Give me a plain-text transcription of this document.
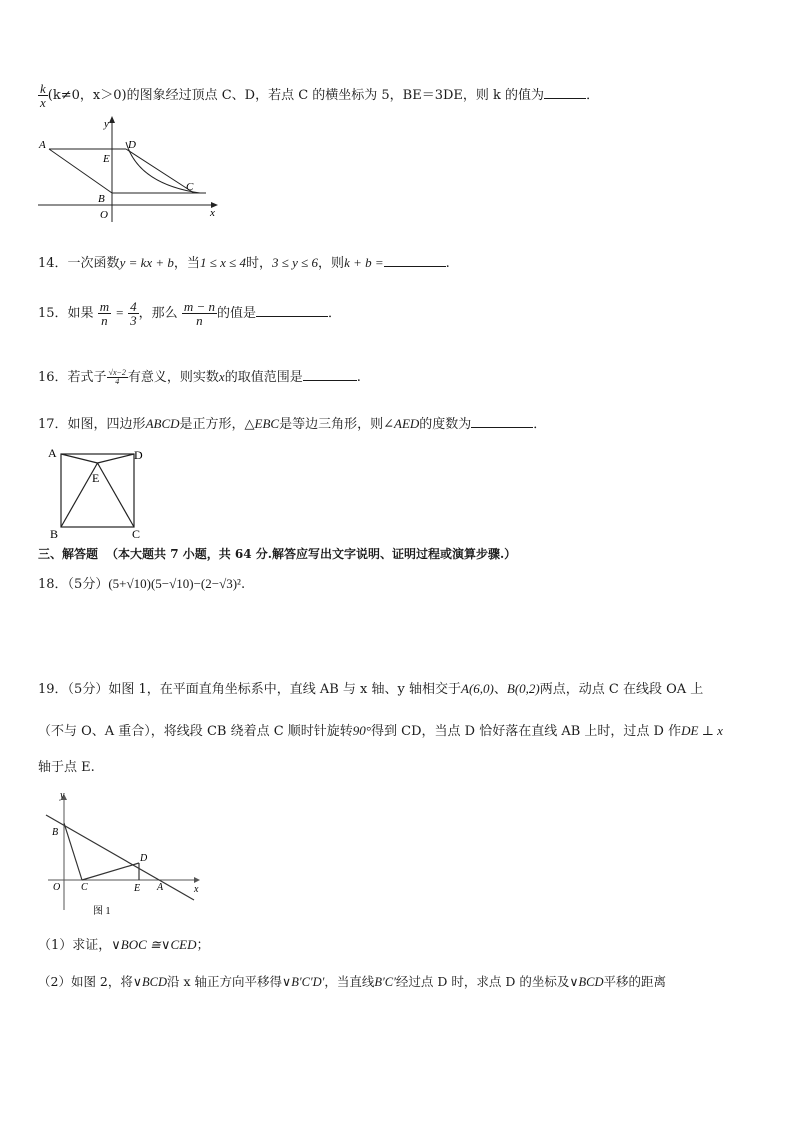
$\frac{k}{x} (k\ne 0$，x＞0)的图象经过顶点 C、D，若点 C 的横坐标为 5，BE＝3DE，则 k 的值为	．
y
x
A	D
E
C
B
O
14．一次函数y = kx + b，当1 ≤ x ≤ 4时，3 ≤ y ≤ 6，则k + b =	.
15．如果 $\frac{m}{n} = \frac{4}{3}$ ，那么 $\frac{m - n}{n}$ 的值是	．
16．若式子 $\frac{√x-2}{4}$ 有意义，则实数x的取值范围是	.
17．如图，四边形ABCD是正方形，△EBC是等边三角形，则∠AED的度数为	．
A	D
E
B	C
三、解答题 （本大题共 7 小题，共 64 分.解答应写出文字说明、证明过程或演算步骤.）
18．（5分）(5+√10)(5−√10)−(2−√3)².
19．（5分）如图 1，在平面直角坐标系中，直线 AB 与 x 轴、y 轴相交于A(6,0)、B(0,2)两点，动点 C 在线段 OA 上
（不与 O、A 重合），将线段 CB 绕着点 C 顺时针旋转90°得到 CD，当点 D 恰好落在直线 AB 上时，过点 D 作DE ⊥ x
轴于点 E.
y
x
B
D
O C	E A
图 1
（1）求证，∨BOC ≅∨CED；
（2）如图 2，将∨BCD沿 x 轴正方向平移得∨B′C′D′，当直线B′C′经过点 D 时，求点 D 的坐标及∨BCD平移的距离
